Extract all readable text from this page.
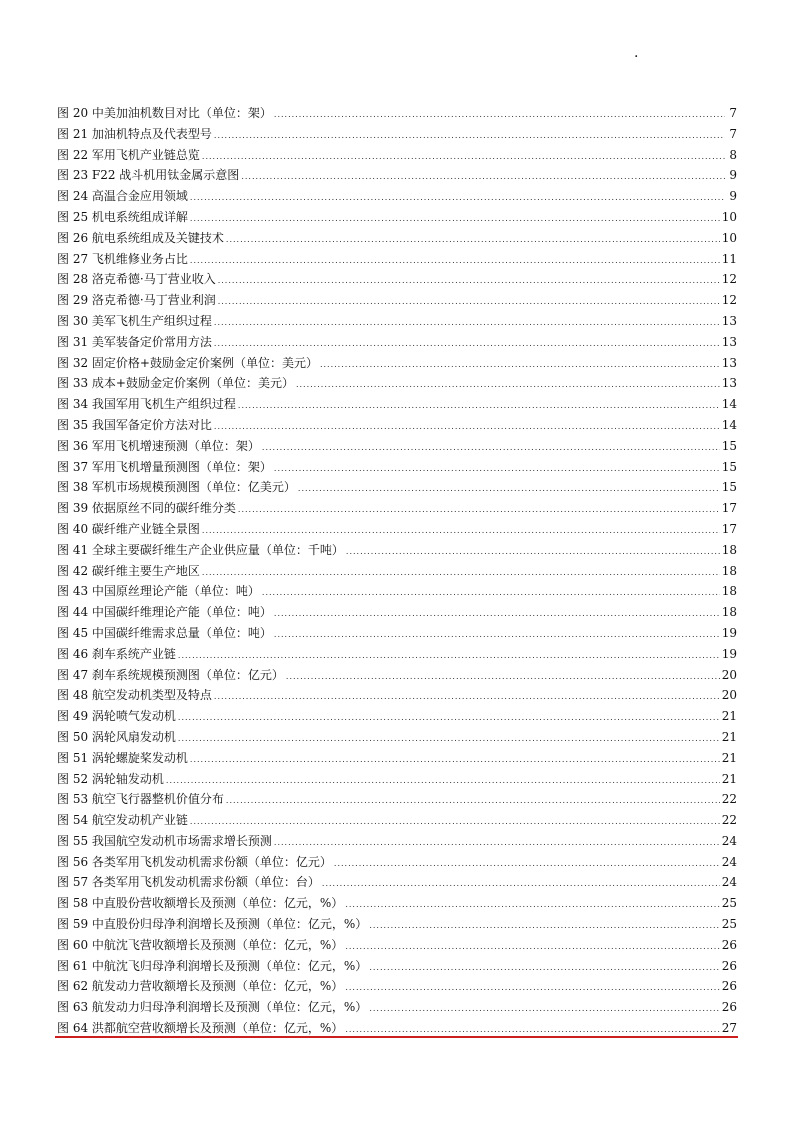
.
图 20 中美加油机数目对比（单位：架） .....	7
图 21 加油机特点及代表型号 .....	7
图 22 军用飞机产业链总览 .....	8
图 23 F22 战斗机用钛金属示意图 .....	9
图 24 高温合金应用领域 .....	9
图 25 机电系统组成详解 .....	10
图 26 航电系统组成及关键技术 .....	10
图 27 飞机维修业务占比 .....	11
图 28 洛克希德·马丁营业收入 .....	12
图 29 洛克希德·马丁营业利润 .....	12
图 30 美军飞机生产组织过程 .....	13
图 31 美军装备定价常用方法 .....	13
图 32 固定价格+鼓励金定价案例（单位：美元） .....	13
图 33 成本+鼓励金定价案例（单位：美元） .....	13
图 34 我国军用飞机生产组织过程 .....	14
图 35 我国军备定价方法对比 .....	14
图 36 军用飞机增速预测（单位：架） .....	15
图 37 军用飞机增量预测图（单位：架） .....	15
图 38 军机市场规模预测图（单位：亿美元） .....	15
图 39 依据原丝不同的碳纤维分类 .....	17
图 40 碳纤维产业链全景图 .....	17
图 41 全球主要碳纤维生产企业供应量（单位：千吨） .....	18
图 42 碳纤维主要生产地区 .....	18
图 43 中国原丝理论产能（单位：吨） .....	18
图 44 中国碳纤维理论产能（单位：吨） .....	18
图 45 中国碳纤维需求总量（单位：吨） .....	19
图 46 刹车系统产业链 .....	19
图 47 刹车系统规模预测图（单位：亿元） .....	20
图 48 航空发动机类型及特点 .....	20
图 49 涡轮喷气发动机 .....	21
图 50 涡轮风扇发动机 .....	21
图 51 涡轮螺旋桨发动机 .....	21
图 52 涡轮轴发动机 .....	21
图 53 航空飞行器整机价值分布 .....	22
图 54 航空发动机产业链 .....	22
图 55 我国航空发动机市场需求增长预测 .....	24
图 56 各类军用飞机发动机需求份额（单位：亿元） .....	24
图 57 各类军用飞机发动机需求份额（单位：台） .....	24
图 58 中直股份营收额增长及预测（单位：亿元，%） .....	25
图 59 中直股份归母净利润增长及预测（单位：亿元，%） .....	25
图 60 中航沈飞营收额增长及预测（单位：亿元，%） .....	26
图 61 中航沈飞归母净利润增长及预测（单位：亿元，%） .....	26
图 62 航发动力营收额增长及预测（单位：亿元，%） .....	26
图 63 航发动力归母净利润增长及预测（单位：亿元，%） .....	26
图 64 洪都航空营收额增长及预测（单位：亿元，%） .....	27
